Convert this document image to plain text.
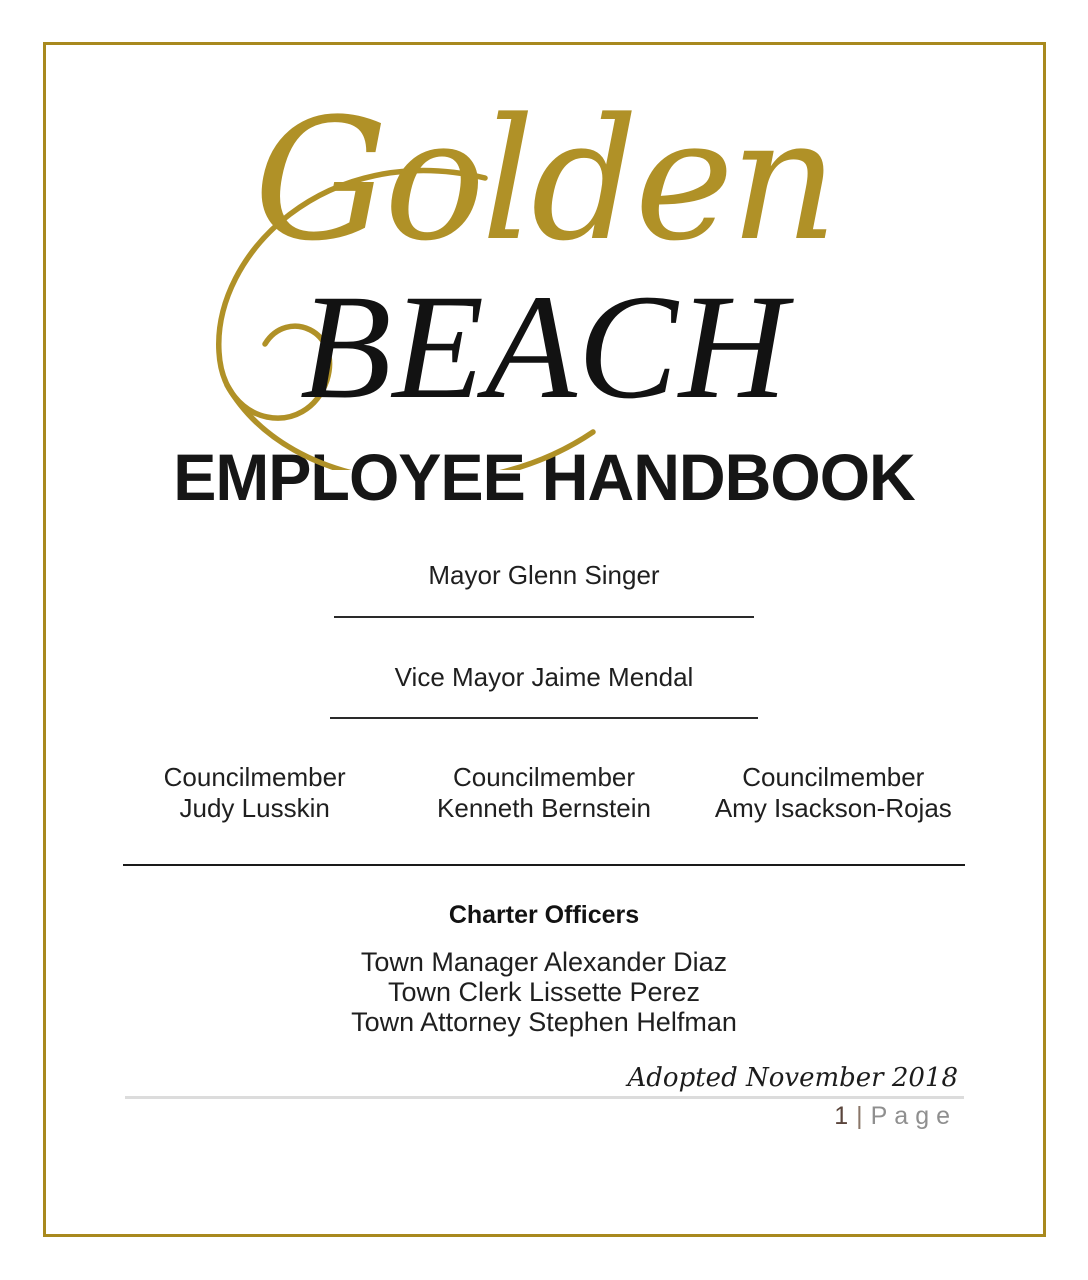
Golden
BEACH
EMPLOYEE HANDBOOK
Mayor Glenn Singer
Vice Mayor Jaime Mendal
Councilmember
Judy Lusskin
Councilmember
Kenneth Bernstein
Councilmember
Amy Isackson-Rojas
Charter Officers
Town Manager Alexander Diaz
Town Clerk Lissette Perez
Town Attorney Stephen Helfman
Adopted November 2018
1 | Page
